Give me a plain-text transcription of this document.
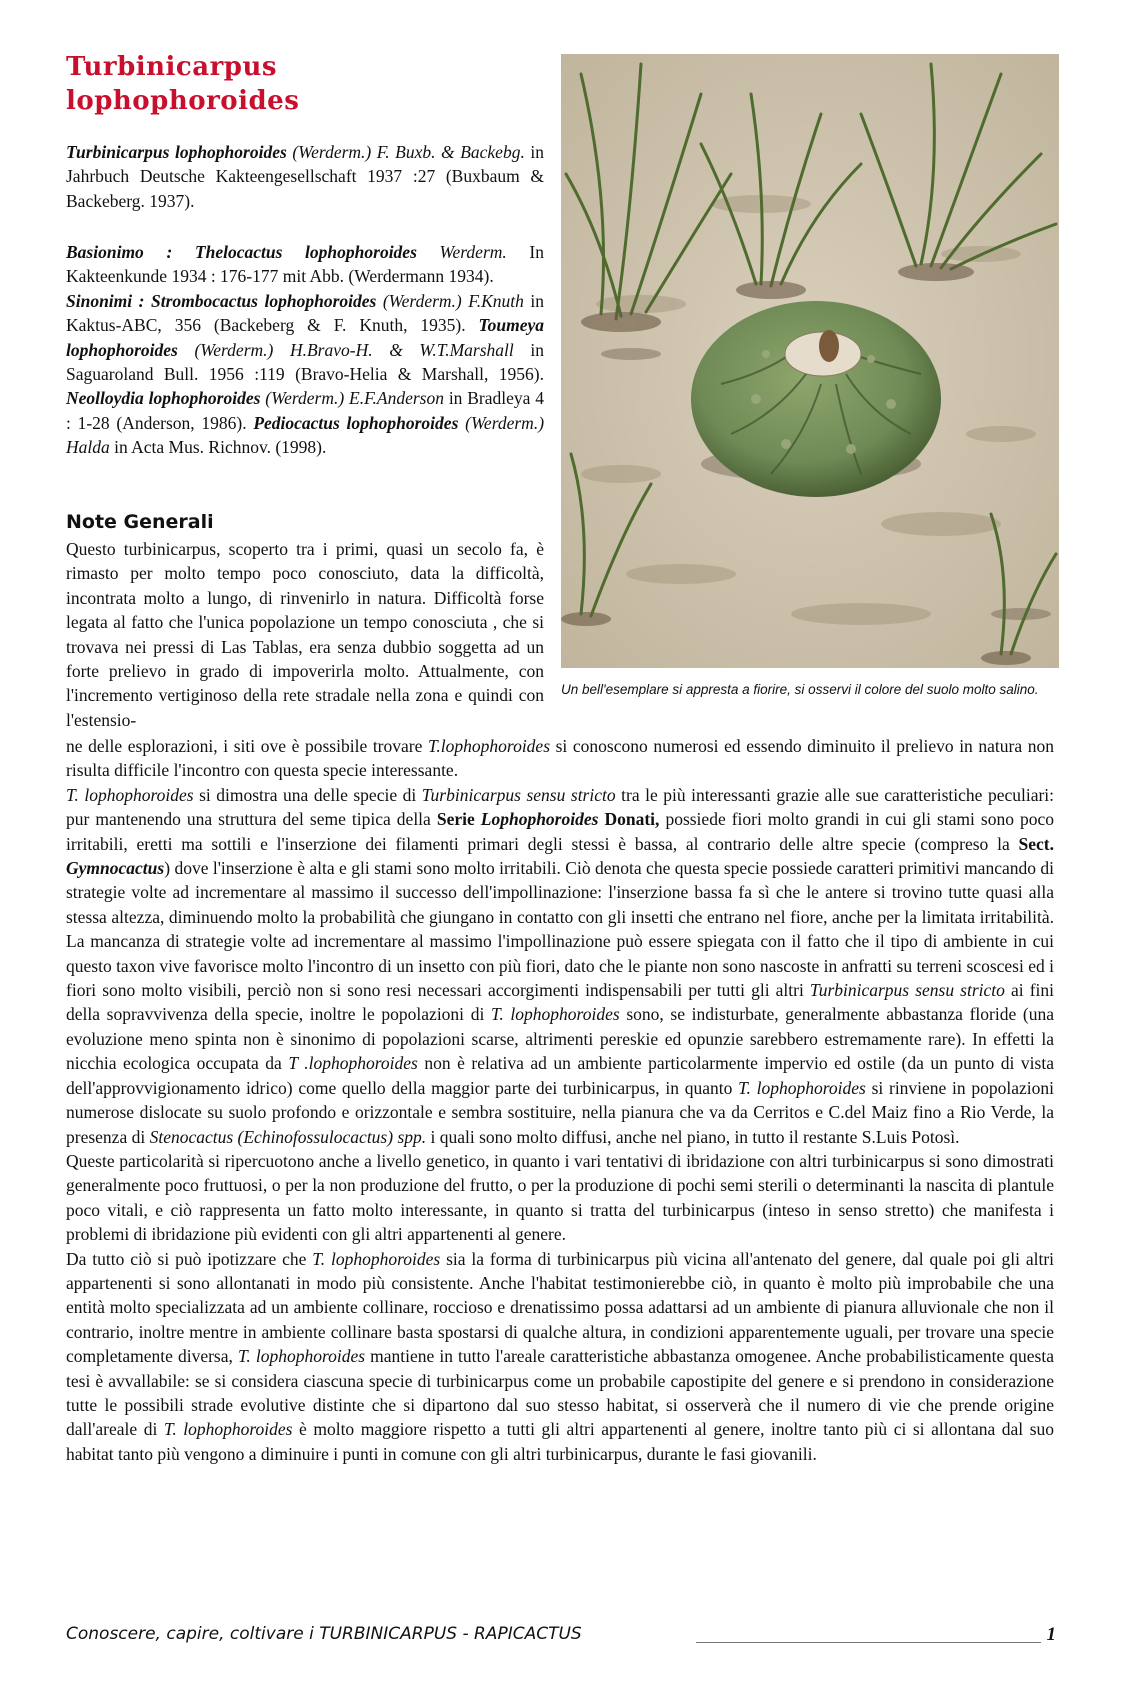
Turbinicarpus
lophophoroides

Turbinicarpus lophophoroides (Werderm.) F. Buxb. & Backebg. in Jahrbuch Deutsche Kakteengesellschaft 1937 :27 (Buxbaum & Backeberg. 1937).

Basionimo : Thelocactus lophophoroides Werderm. In Kakteenkunde 1934 : 176-177 mit Abb. (Werdermann 1934).
Sinonimi : Strombocactus lophophoroides (Werderm.) F.Knuth in Kaktus-ABC, 356 (Backeberg & F. Knuth, 1935). Toumeya lophophoroides (Werderm.) H.Bravo-H. & W.T.Marshall in Saguaroland Bull. 1956 :119 (Bravo-Helia & Marshall, 1956). Neolloydia lophophoroides (Werderm.) E.F.Anderson in Bradleya 4 : 1-28 (Anderson, 1986). Pediocactus lophophoroides (Werderm.) Halda in Acta Mus. Richnov. (1998).

Note Generali

Questo turbinicarpus, scoperto tra i primi, quasi un secolo fa, è rimasto per molto tempo poco conosciuto, data la difficoltà, incontrata molto a lungo, di rinvenirlo in natura. Difficoltà forse legata al fatto che l'unica popolazione un tempo conosciuta , che si trovava nei pressi di Las Tablas, era senza dubbio soggetta ad un forte prelievo in grado di impoverirla molto. Attualmente, con l'incremento vertiginoso della rete stradale nella zona e quindi con l'estensio-

Un bell'esemplare si appresta a fiorire, si osservi il colore del suolo molto salino.

ne delle esplorazioni, i siti ove è possibile trovare T.lophophoroides si conoscono numerosi ed essendo diminuito il prelievo in natura non risulta difficile l'incontro con questa specie interessante.

T. lophophoroides si dimostra una delle specie di Turbinicarpus sensu stricto tra le più interessanti grazie alle sue caratteristiche peculiari: pur mantenendo una struttura del seme tipica della Serie Lophophoroides Donati, possiede fiori molto grandi in cui gli stami sono poco irritabili, eretti ma sottili e l'inserzione dei filamenti primari degli stessi è bassa, al contrario delle altre specie (compreso la Sect. Gymnocactus) dove l'inserzione è alta e gli stami sono molto irritabili. Ciò denota che questa specie possiede caratteri primitivi mancando di strategie volte ad incrementare al massimo il successo dell'impollinazione: l'inserzione bassa fa sì che le antere si trovino tutte quasi alla stessa altezza, diminuendo molto la probabilità che giungano in contatto con gli insetti che entrano nel fiore, anche per la limitata irritabilità. La mancanza di strategie volte ad incrementare al massimo l'impollinazione può essere spiegata con il fatto che il tipo di ambiente in cui questo taxon vive favorisce molto l'incontro di un insetto con più fiori, dato che le piante non sono nascoste in anfratti su terreni scoscesi ed i fiori sono molto visibili, perciò non si sono resi necessari accorgimenti indispensabili per tutti gli altri Turbinicarpus sensu stricto ai fini della sopravvivenza della specie, inoltre le popolazioni di T. lophophoroides sono, se indisturbate, generalmente abbastanza floride (una evoluzione meno spinta non è sinonimo di popolazioni scarse, altrimenti pereskie ed opunzie sarebbero estremamente rare). In effetti la nicchia ecologica occupata da T .lophophoroides non è relativa ad un ambiente particolarmente impervio ed ostile (da un punto di vista dell'approvvigionamento idrico) come quello della maggior parte dei turbinicarpus, in quanto T. lophophoroides si rinviene in popolazioni numerose dislocate su suolo profondo e orizzontale e sembra sostituire, nella pianura che va da Cerritos e C.del Maiz fino a Rio Verde, la presenza di Stenocactus (Echinofossulocactus) spp. i quali sono molto diffusi, anche nel piano, in tutto il restante S.Luis Potosì.

Queste particolarità si ripercuotono anche a livello genetico, in quanto i vari tentativi di ibridazione con altri turbinicarpus si sono dimostrati generalmente poco fruttuosi, o per la non produzione del frutto, o per la produzione di pochi semi sterili o determinanti la nascita di plantule poco vitali, e ciò rappresenta un fatto molto interessante, in quanto si tratta del turbinicarpus (inteso in senso stretto) che manifesta i problemi di ibridazione più evidenti con gli altri appartenenti al genere.

Da tutto ciò si può ipotizzare che T. lophophoroides sia la forma di turbinicarpus più vicina all'antenato del genere, dal quale poi gli altri appartenenti si sono allontanati in modo più consistente. Anche l'habitat testimonierebbe ciò, in quanto è molto più improbabile che una entità molto specializzata ad un ambiente collinare, roccioso e drenatissimo possa adattarsi ad un ambiente di pianura alluvionale che non il contrario, inoltre mentre in ambiente collinare basta spostarsi di qualche altura, in condizioni apparentemente uguali, per trovare una specie completamente diversa, T. lophophoroides mantiene in tutto l'areale caratteristiche abbastanza omogenee. Anche probabilisticamente questa tesi è avvallabile: se si considera ciascuna specie di turbinicarpus come un probabile capostipite del genere e si prendono in considerazione tutte le possibili strade evolutive distinte che si dipartono dal suo stesso habitat, si osserverà che il numero di vie che prende origine dall'areale di T. lophophoroides è molto maggiore rispetto a tutti gli altri appartenenti al genere, inoltre tanto più ci si allontana dal suo habitat tanto più vengono a diminuire i punti in comune con gli altri turbinicarpus, durante le fasi giovanili.

Conoscere, capire, coltivare i TURBINICARPUS - RAPICACTUS	1
